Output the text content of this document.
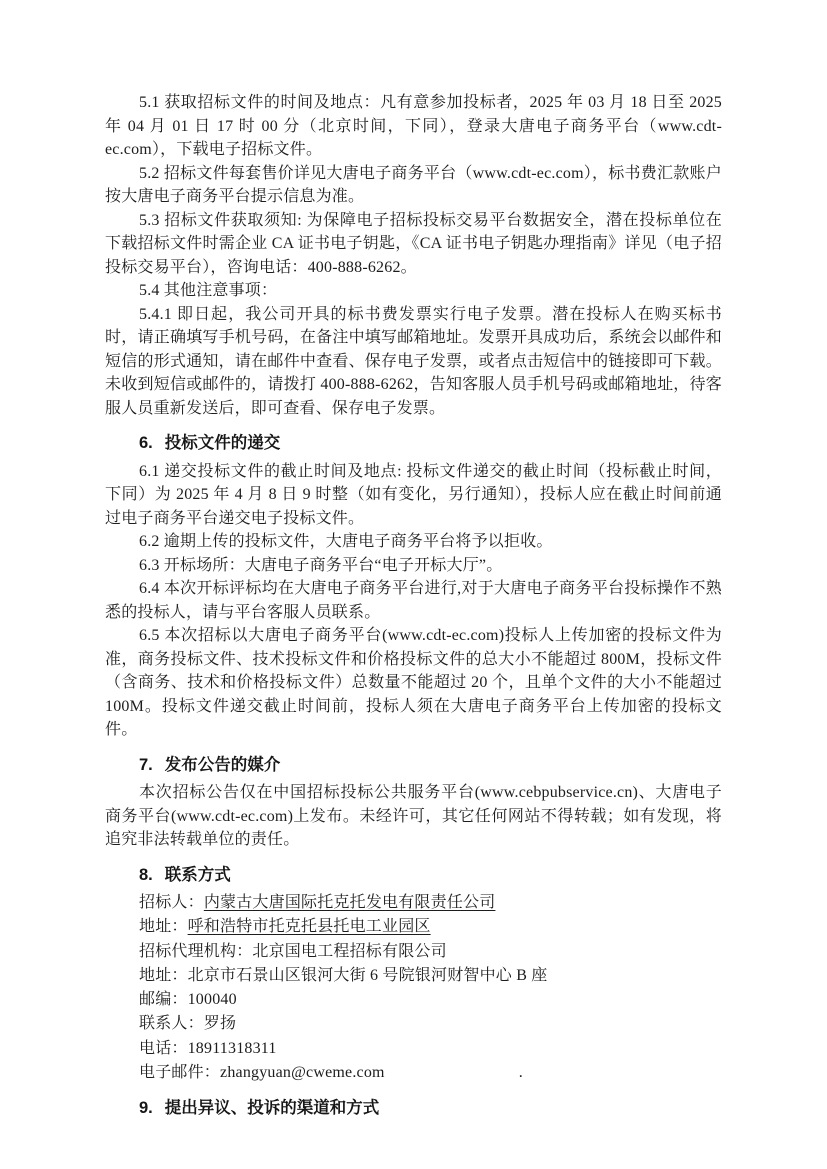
5.1 获取招标文件的时间及地点：凡有意参加投标者，2025 年 03 月 18 日至 2025 年 04 月 01 日 17 时 00 分（北京时间，下同），登录大唐电子商务平台（www.cdt-ec.com），下载电子招标文件。

5.2 招标文件每套售价详见大唐电子商务平台（www.cdt-ec.com），标书费汇款账户按大唐电子商务平台提示信息为准。

5.3 招标文件获取须知: 为保障电子招标投标交易平台数据安全，潜在投标单位在下载招标文件时需企业 CA 证书电子钥匙，《CA 证书电子钥匙办理指南》详见（电子招投标交易平台），咨询电话：400-888-6262。

5.4 其他注意事项：

5.4.1 即日起，我公司开具的标书费发票实行电子发票。潜在投标人在购买标书时，请正确填写手机号码，在备注中填写邮箱地址。发票开具成功后，系统会以邮件和短信的形式通知，请在邮件中查看、保存电子发票，或者点击短信中的链接即可下载。未收到短信或邮件的，请拨打 400-888-6262，告知客服人员手机号码或邮箱地址，待客服人员重新发送后，即可查看、保存电子发票。

6. 投标文件的递交

6.1 递交投标文件的截止时间及地点: 投标文件递交的截止时间（投标截止时间，下同）为 2025 年 4 月 8 日 9 时整（如有变化，另行通知），投标人应在截止时间前通过电子商务平台递交电子投标文件。

6.2 逾期上传的投标文件，大唐电子商务平台将予以拒收。

6.3 开标场所：大唐电子商务平台“电子开标大厅”。

6.4 本次开标评标均在大唐电子商务平台进行,对于大唐电子商务平台投标操作不熟悉的投标人，请与平台客服人员联系。

6.5 本次招标以大唐电子商务平台(www.cdt-ec.com)投标人上传加密的投标文件为准，商务投标文件、技术投标文件和价格投标文件的总大小不能超过 800M，投标文件（含商务、技术和价格投标文件）总数量不能超过 20 个，且单个文件的大小不能超过 100M。投标文件递交截止时间前，投标人须在大唐电子商务平台上传加密的投标文件。

7. 发布公告的媒介

本次招标公告仅在中国招标投标公共服务平台(www.cebpubservice.cn)、大唐电子商务平台(www.cdt-ec.com)上发布。未经许可，其它任何网站不得转载；如有发现，将追究非法转载单位的责任。

8. 联系方式

招标人：内蒙古大唐国际托克托发电有限责任公司

地址：呼和浩特市托克托县托电工业园区

招标代理机构：北京国电工程招标有限公司

地址：北京市石景山区银河大街 6 号院银河财智中心 B 座

邮编：100040

联系人：罗扬

电话：18911318311

电子邮件：zhangyuan@cweme.com	.

9. 提出异议、投诉的渠道和方式
